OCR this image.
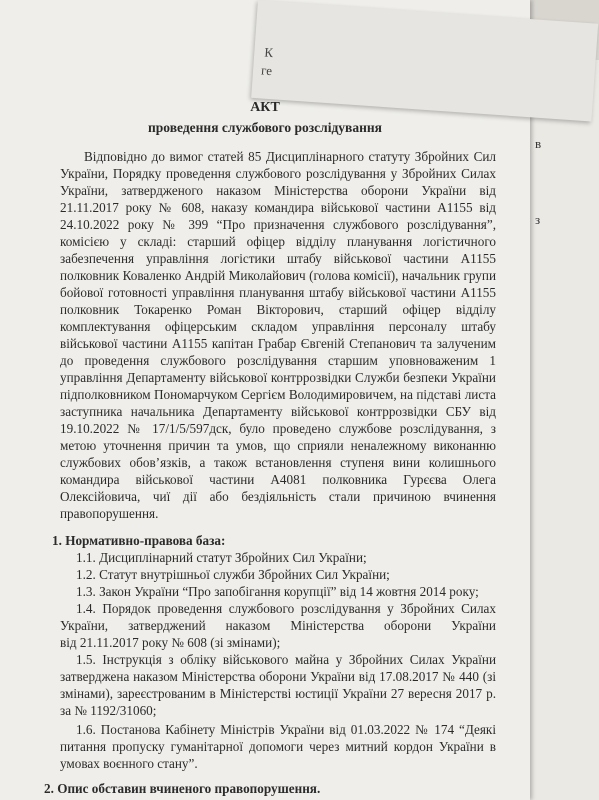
в
з
АКТ
проведення службового розслідування
Відповідно до вимог статей 85 Дисциплінарного статуту Збройних Сил
України, Порядку проведення службового розслідування у Збройних Силах
України, затвердженого наказом Міністерства оборони України від
21.11.2017 року № 608, наказу командира військової частини А1155 від
24.10.2022 року № 399 “Про призначення службового розслідування”,
комісією у складі: старший офіцер відділу планування логістичного
забезпечення управління логістики штабу військової частини А1155
полковник Коваленко Андрій Миколайович (голова комісії), начальник групи
бойової готовності управління планування штабу військової частини А1155
полковник Токаренко Роман Вікторович, старший офіцер відділу
комплектування офіцерським складом управління персоналу штабу
військової частини А1155 капітан Грабар Євгеній Степанович та залученим
до проведення службового розслідування старшим уповноваженим 1
управління Департаменту військової контррозвідки Служби безпеки України
підполковником Пономарчуком Сергієм Володимировичем, на підставі листа
заступника начальника Департаменту військової контррозвідки СБУ від
19.10.2022 № 17/1/5/597дск, було проведено службове розслідування, з
метою уточнення причин та умов, що сприяли неналежному виконанню
службових обов’язків, а також встановлення ступеня вини колишнього
командира військової частини А4081 полковника Гурєєва Олега
Олексійовича, чиї дії або бездіяльність стали причиною вчинення
правопорушення.
1. Нормативно-правова база:
1.1. Дисциплінарний статут Збройних Сил України;
1.2. Статут внутрішньої служби Збройних Сил України;
1.3. Закон України “Про запобігання корупції” від 14 жовтня 2014 року;
1.4. Порядок проведення службового розслідування у Збройних Силах
України, затверджений наказом Міністерства оборони України
від 21.11.2017 року № 608 (зі змінами);
1.5. Інструкція з обліку військового майна у Збройних Силах України
затверджена наказом Міністерства оборони України від 17.08.2017 № 440 (зі
змінами), зареєстрованим в Міністерстві юстиції України 27 вересня 2017 р.
за № 1192/31060;
1.6. Постанова Кабінету Міністрів України від 01.03.2022 № 174 “Деякі
питання пропуску гуманітарної допомоги через митний кордон України в
умовах воєнного стану”.
2. Опис обставин вчиненого правопорушення.
К
ге
